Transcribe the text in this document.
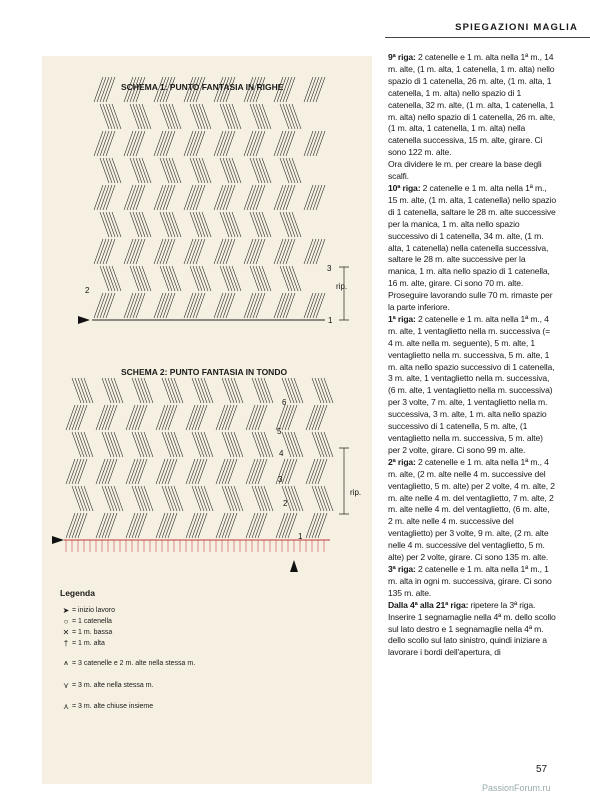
SPIEGAZIONI MAGLIA
SCHEMA 1: PUNTO FANTASIA IN RIGHE
SCHEMA 2: PUNTO FANTASIA IN TONDO
1
2
3
rip.
1
2
3
4
5
6
rip.
Legenda
➤ = inizio lavoro
○ = 1 catenella
✕ = 1 m. bassa
† = 1 m. alta
⩚ = 3 catenelle e 2 m. alte nella stessa m.
⋎ = 3 m. alte nella stessa m.
⋏ = 3 m. alte chiuse insieme

9ª riga: 2 catenelle e 1 m. alta nella 1ª m., 14 m. alte, (1 m. alta, 1 catenella, 1 m. alta) nello spazio di 1 catenella, 26 m. alte, (1 m. alta, 1 catenella, 1 m. alta) nello spazio di 1 catenella, 32 m. alte, (1 m. alta, 1 catenella, 1 m. alta) nello spazio di 1 catenella, 26 m. alte, (1 m. alta, 1 catenella, 1 m. alta) nella catenella successiva, 15 m. alte, girare. Ci sono 122 m. alte.

Ora dividere le m. per creare la base degli scalfi.

10ª riga: 2 catenelle e 1 m. alta nella 1ª m., 15 m. alte, (1 m. alta, 1 catenella) nello spazio di 1 catenella, saltare le 28 m. alte successive per la manica, 1 m. alta nello spazio successivo di 1 catenella, 34 m. alte, (1 m. alta, 1 catenella) nella catenella successiva, saltare le 28 m. alte successive per la manica, 1 m. alta nello spazio di 1 catenella, 16 m. alte, girare. Ci sono 70 m. alte.

Proseguire lavorando sulle 70 m. rimaste per la parte inferiore.

1ª riga: 2 catenelle e 1 m. alta nella 1ª m., 4 m. alte, 1 ventaglietto nella m. successiva (= 4 m. alte nella m. seguente), 5 m. alte, 1 ventaglietto nella m. successiva, 5 m. alte, 1 m. alta nello spazio successivo di 1 catenella, 3 m. alte, 1 ventaglietto nella m. successiva, (6 m. alte, 1 ventaglietto nella m. successiva) per 3 volte, 7 m. alte, 1 ventaglietto nella m. successiva, 3 m. alte, 1 m. alta nello spazio successivo di 1 catenella, 5 m. alte, (1 ventaglietto nella m. successiva, 5 m. alte) per 2 volte, girare. Ci sono 99 m. alte.

2ª riga: 2 catenelle e 1 m. alta nella 1ª m., 4 m. alte, (2 m. alte nelle 4 m. successive del ventaglietto, 5 m. alte) per 2 volte, 4 m. alte, 2 m. alte nelle 4 m. del ventaglietto, 7 m. alte, 2 m. alte nelle 4 m. del ventaglietto, (6 m. alte, 2 m. alte nelle 4 m. successive del ventaglietto) per 3 volte, 9 m. alte, (2 m. alte nelle 4 m. successive del ventaglietto, 5 m. alte) per 2 volte, girare. Ci sono 135 m. alte.

3ª riga: 2 catenelle e 1 m. alta nella 1ª m., 1 m. alta in ogni m. successiva, girare. Ci sono 135 m. alte.

Dalla 4ª alla 21ª riga: ripetere la 3ª riga. Inserire 1 segnamaglie nella 4ª m. dello scollo sul lato destro e 1 segnamaglie nella 4ª m. dello scollo sul lato sinistro, quindi iniziare a lavorare i bordi dell'apertura, di

57
PassionForum.ru
